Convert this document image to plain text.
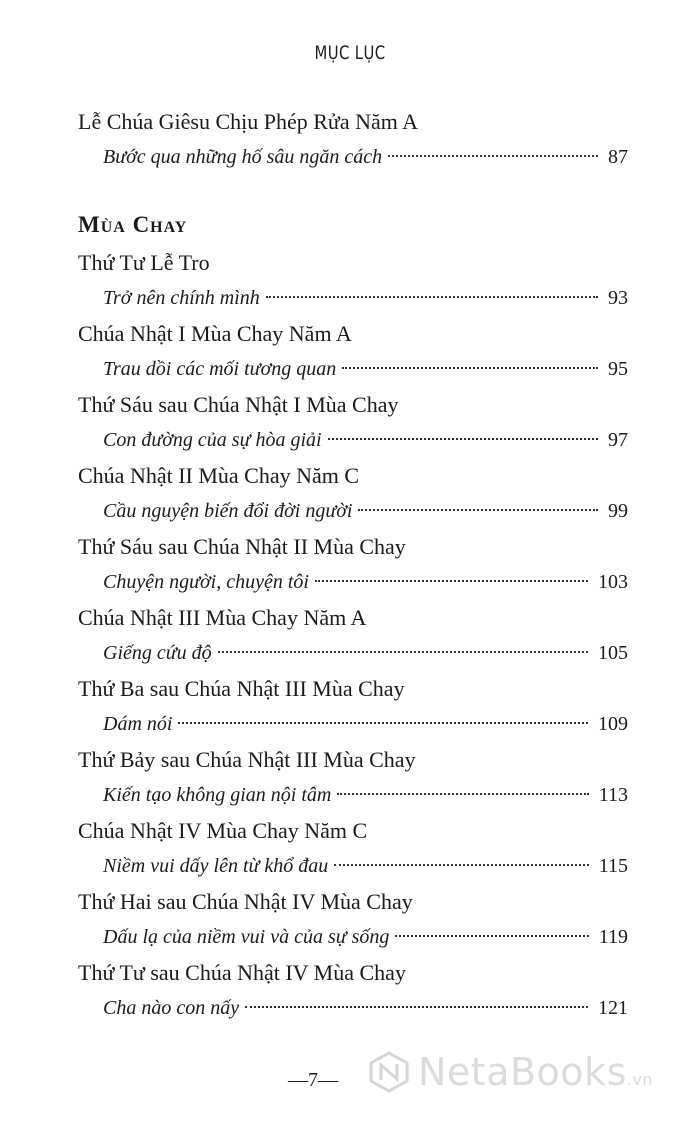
MỤC LỤC
Lễ Chúa Giêsu Chịu Phép Rửa Năm A
Bước qua những hố sâu ngăn cách	87
Mùa Chay
Thứ Tư Lễ Tro
Trở nên chính mình	93
Chúa Nhật I Mùa Chay Năm A
Trau dồi các mối tương quan	95
Thứ Sáu sau Chúa Nhật I Mùa Chay
Con đường của sự hòa giải	97
Chúa Nhật II Mùa Chay Năm C
Cầu nguyện biến đổi đời người	99
Thứ Sáu sau Chúa Nhật II Mùa Chay
Chuyện người, chuyện tôi	103
Chúa Nhật III Mùa Chay Năm A
Giếng cứu độ	105
Thứ Ba sau Chúa Nhật III Mùa Chay
Dám nói	109
Thứ Bảy sau Chúa Nhật III Mùa Chay
Kiến tạo không gian nội tâm	113
Chúa Nhật IV Mùa Chay Năm C
Niềm vui dấy lên từ khổ đau	115
Thứ Hai sau Chúa Nhật IV Mùa Chay
Dấu lạ của niềm vui và của sự sống	119
Thứ Tư sau Chúa Nhật IV Mùa Chay
Cha nào con nấy	121
—7— NetaBooks.vn
